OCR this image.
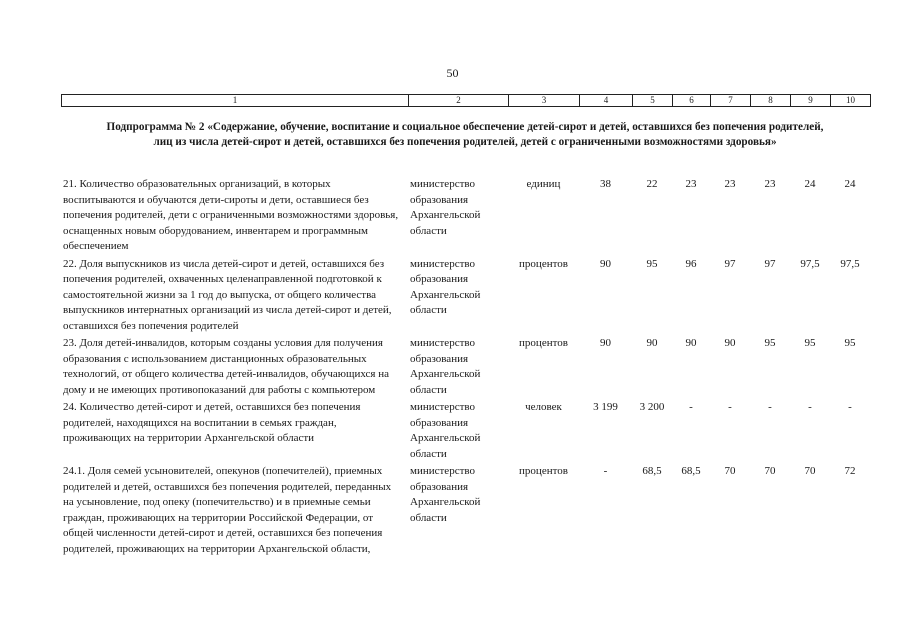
50
1	2	3	4	5	6	7	8	9	10
Подпрограмма № 2 «Содержание, обучение, воспитание и социальное обеспечение детей-сирот и детей, оставшихся без попечения родителей, лиц из числа детей-сирот и детей, оставшихся без попечения родителей, детей с ограниченными возможностями здоровья»
21. Количество образовательных организаций, в которых воспитываются и обучаются дети-сироты и дети, оставшиеся без попечения родителей, дети с ограниченными возможностями здоровья, оснащенных новым оборудованием, инвентарем и программным обеспечением	министерство образования Архангельской области	единиц	38	22	23	23	23	24	24
22. Доля выпускников из числа детей-сирот и детей, оставшихся без попечения родителей, охваченных целенаправленной подготовкой к самостоятельной жизни за 1 год до выпуска, от общего количества выпускников интернатных организаций из числа детей-сирот и детей, оставшихся без попечения родителей	министерство образования Архангельской области	процентов	90	95	96	97	97	97,5	97,5
23. Доля детей-инвалидов, которым созданы условия для получения образования с использованием дистанционных образовательных технологий, от общего количества детей-инвалидов, обучающихся на дому и не имеющих противопоказаний для работы с компьютером	министерство образования Архангельской области	процентов	90	90	90	90	95	95	95
24. Количество детей-сирот и детей, оставшихся без попечения родителей, находящихся на воспитании в семьях граждан, проживающих на территории Архангельской области	министерство образования Архангельской области	человек	3 199	3 200	-	-	-	-	-
24.1. Доля семей усыновителей, опекунов (попечителей), приемных родителей и детей, оставшихся без попечения родителей, переданных на усыновление, под опеку (попечительство) и в приемные семьи граждан, проживающих на территории Российской Федерации, от общей численности детей-сирот и детей, оставшихся без попечения родителей, проживающих на территории Архангельской области,	министерство образования Архангельской области	процентов	-	68,5	68,5	70	70	70	72
